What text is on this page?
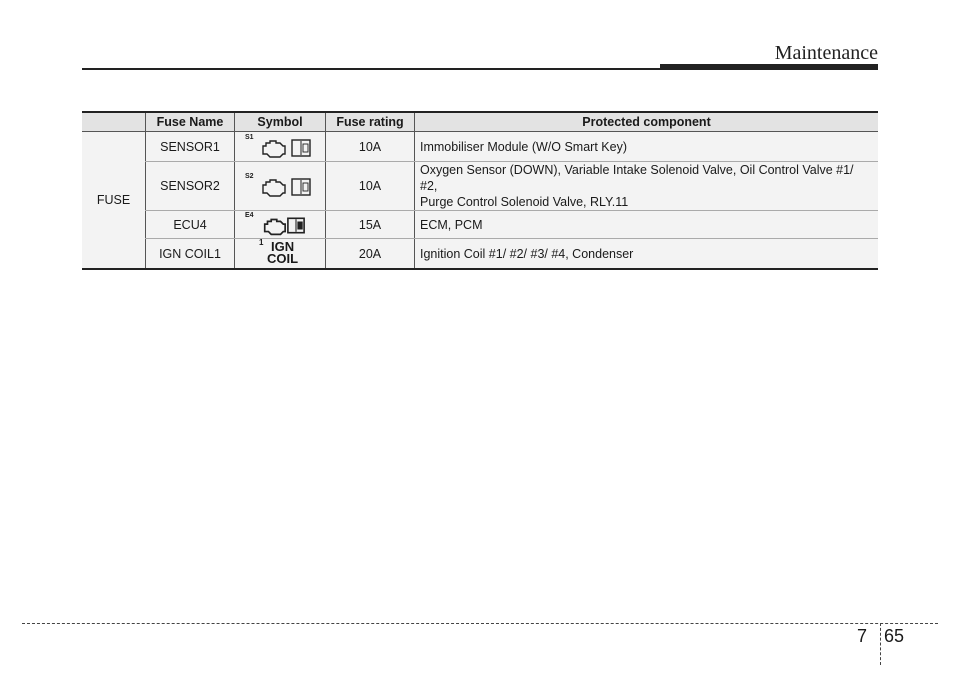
Maintenance
	Fuse Name	Symbol	Fuse rating	Protected component
FUSE	SENSOR1	S1	10A	Immobiliser Module (W/O Smart Key)

	SENSOR2	S2	10A	Oxygen Sensor (DOWN), Variable Intake Solenoid Valve, Oil Control Valve #1/ #2,
Purge Control Solenoid Valve, RLY.11

	ECU4	E4	15A	ECM, PCM

	IGN COIL1	1 IGN
COIL	20A	Ignition Coil #1/ #2/ #3/ #4, Condenser
7 65
